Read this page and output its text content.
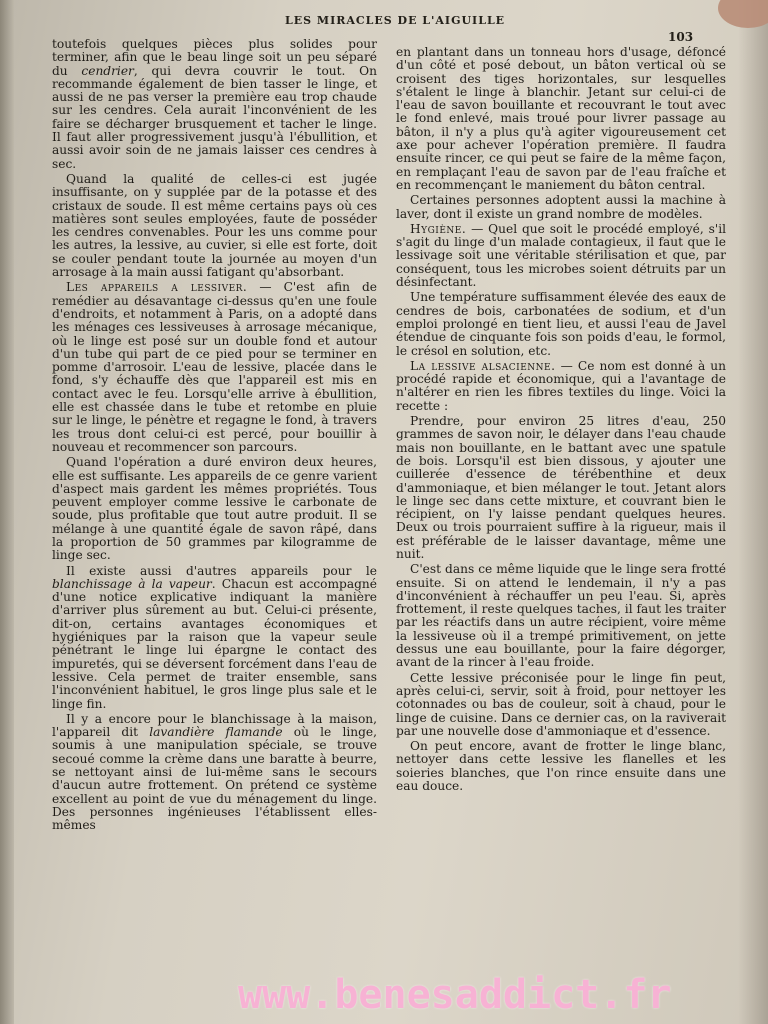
LES MIRACLES DE L'AIGUILLE
103

toutefois quelques pièces plus solides pour terminer, afin que le beau linge soit un peu séparé du cendrier, qui devra couvrir le tout. On recommande également de bien tasser le linge, et aussi de ne pas verser la première eau trop chaude sur les cendres. Cela aurait l'inconvénient de les faire se décharger brusquement et tacher le linge. Il faut aller progressivement jusqu'à l'ébullition, et aussi avoir soin de ne jamais laisser ces cendres à sec.

Quand la qualité de celles-ci est jugée insuffisante, on y supplée par de la potasse et des cristaux de soude. Il est même certains pays où ces matières sont seules employées, faute de posséder les cendres convenables. Pour les uns comme pour les autres, la lessive, au cuvier, si elle est forte, doit se couler pendant toute la journée au moyen d'un arrosage à la main aussi fatigant qu'absorbant.

Les appareils a lessiver. — C'est afin de remédier au désavantage ci-dessus qu'en une foule d'endroits, et notamment à Paris, on a adopté dans les ménages ces lessiveuses à arrosage mécanique, où le linge est posé sur un double fond et autour d'un tube qui part de ce pied pour se terminer en pomme d'arrosoir. L'eau de lessive, placée dans le fond, s'y échauffe dès que l'appareil est mis en contact avec le feu. Lorsqu'elle arrive à ébullition, elle est chassée dans le tube et retombe en pluie sur le linge, le pénètre et regagne le fond, à travers les trous dont celui-ci est percé, pour bouillir à nouveau et recommencer son parcours.

Quand l'opération a duré environ deux heures, elle est suffisante. Les appareils de ce genre varient d'aspect mais gardent les mêmes propriétés. Tous peuvent employer comme lessive le carbonate de soude, plus profitable que tout autre produit. Il se mélange à une quantité égale de savon râpé, dans la proportion de 50 grammes par kilogramme de linge sec.

Il existe aussi d'autres appareils pour le blanchissage à la vapeur. Chacun est accompagné d'une notice explicative indiquant la manière d'arriver plus sûrement au but. Celui-ci présente, dit-on, certains avantages économiques et hygiéniques par la raison que la vapeur seule pénétrant le linge lui épargne le contact des impuretés, qui se déversent forcément dans l'eau de lessive. Cela permet de traiter ensemble, sans l'inconvénient habituel, le gros linge plus sale et le linge fin.

Il y a encore pour le blanchissage à la maison, l'appareil dit lavandière flamande où le linge, soumis à une manipulation spéciale, se trouve secoué comme la crème dans une baratte à beurre, se nettoyant ainsi de lui-même sans le secours d'aucun autre frottement. On prétend ce système excellent au point de vue du ménagement du linge. Des personnes ingénieuses l'établissent elles-mêmes

en plantant dans un tonneau hors d'usage, défoncé d'un côté et posé debout, un bâton vertical où se croisent des tiges horizontales, sur lesquelles s'étalent le linge à blanchir. Jetant sur celui-ci de l'eau de savon bouillante et recouvrant le tout avec le fond enlevé, mais troué pour livrer passage au bâton, il n'y a plus qu'à agiter vigoureusement cet axe pour achever l'opération première. Il faudra ensuite rincer, ce qui peut se faire de la même façon, en remplaçant l'eau de savon par de l'eau fraîche et en recommençant le maniement du bâton central.

Certaines personnes adoptent aussi la machine à laver, dont il existe un grand nombre de modèles.

Hygiène. — Quel que soit le procédé employé, s'il s'agit du linge d'un malade contagieux, il faut que le lessivage soit une véritable stérilisation et que, par conséquent, tous les microbes soient détruits par un désinfectant.

Une température suffisamment élevée des eaux de cendres de bois, carbonatées de sodium, et d'un emploi prolongé en tient lieu, et aussi l'eau de Javel étendue de cinquante fois son poids d'eau, le formol, le crésol en solution, etc.

La lessive alsacienne. — Ce nom est donné à un procédé rapide et économique, qui a l'avantage de n'altérer en rien les fibres textiles du linge. Voici la recette :

Prendre, pour environ 25 litres d'eau, 250 grammes de savon noir, le délayer dans l'eau chaude mais non bouillante, en le battant avec une spatule de bois. Lorsqu'il est bien dissous, y ajouter une cuillerée d'essence de térébenthine et deux d'ammoniaque, et bien mélanger le tout. Jetant alors le linge sec dans cette mixture, et couvrant bien le récipient, on l'y laisse pendant quelques heures. Deux ou trois pourraient suffire à la rigueur, mais il est préférable de le laisser davantage, même une nuit.

C'est dans ce même liquide que le linge sera frotté ensuite. Si on attend le lendemain, il n'y a pas d'inconvénient à réchauffer un peu l'eau. Si, après frottement, il reste quelques taches, il faut les traiter par les réactifs dans un autre récipient, voire même la lessiveuse où il a trempé primitivement, on jette dessus une eau bouillante, pour la faire dégorger, avant de la rincer à l'eau froide.

Cette lessive préconisée pour le linge fin peut, après celui-ci, servir, soit à froid, pour nettoyer les cotonnades ou bas de couleur, soit à chaud, pour le linge de cuisine. Dans ce dernier cas, on la raviverait par une nouvelle dose d'ammoniaque et d'essence.

On peut encore, avant de frotter le linge blanc, nettoyer dans cette lessive les flanelles et les soieries blanches, que l'on rince ensuite dans une eau douce.

www.benesaddict.fr
